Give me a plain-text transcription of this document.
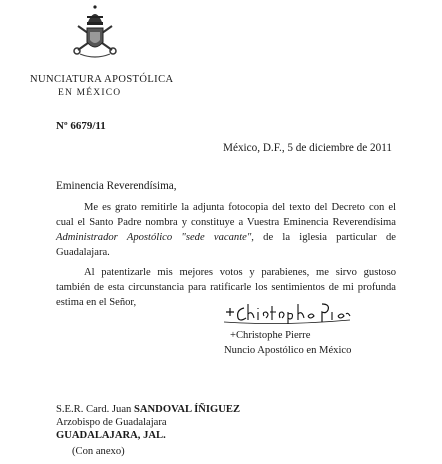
NUNCIATURA APOSTÓLICA
EN MÉXICO
Nº 6679/11
México, D.F., 5 de diciembre de 2011
Eminencia Reverendísima,
Me es grato remitirle la adjunta fotocopia del texto del Decreto con el cual el Santo Padre nombra y constituye a Vuestra Eminencia Reverendísima Administrador Apostólico "sede vacante", de la iglesia particular de Guadalajara.
Al patentizarle mis mejores votos y parabienes, me sirvo gustoso también de esta circunstancia para ratificarle los sentimientos de mi profunda estima en el Señor,
+Christophe Pierre
Nuncio Apostólico en México
S.E.R. Card. Juan SANDOVAL ÍÑIGUEZ
Arzobispo de Guadalajara
GUADALAJARA, JAL.
(Con anexo)
